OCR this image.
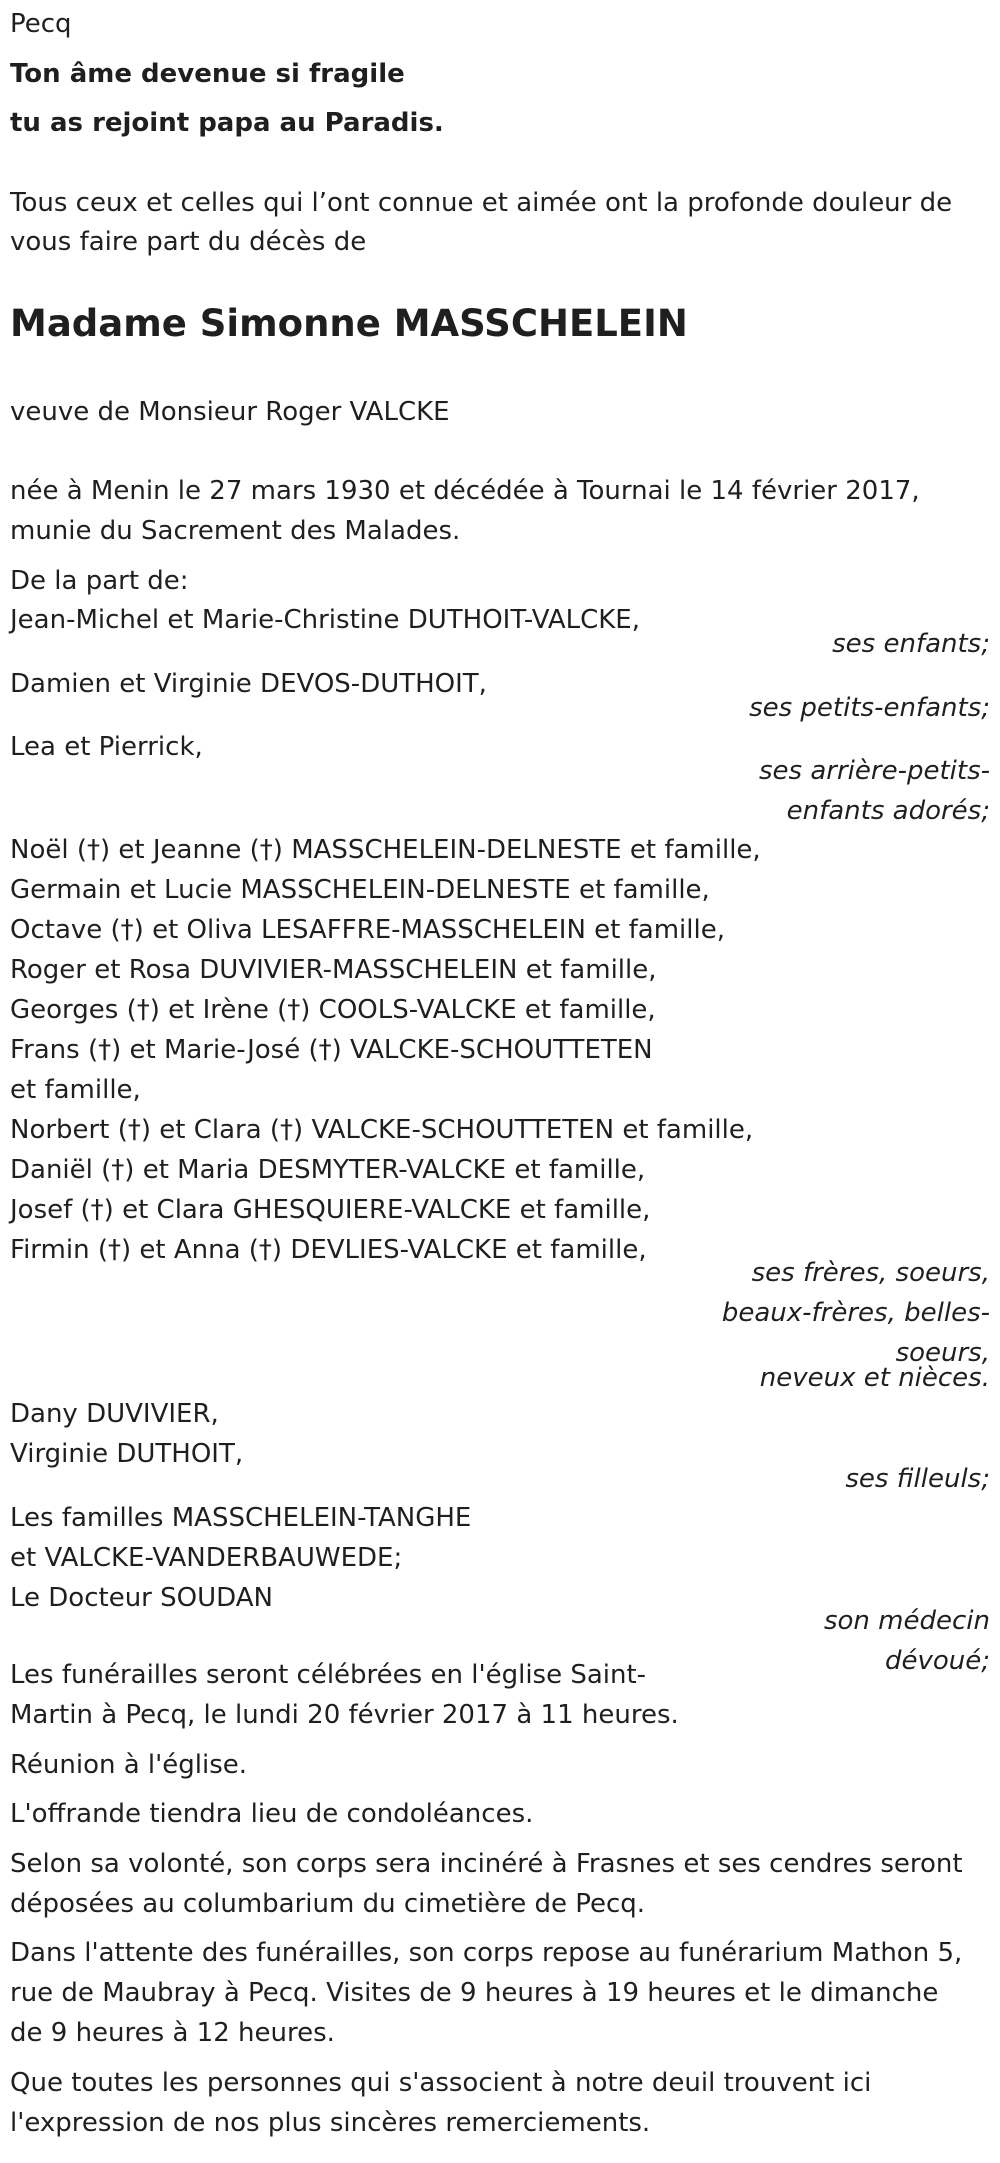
Pecq
Ton âme devenue si fragile
tu as rejoint papa au Paradis.
Tous ceux et celles qui l’ont connue et aimée ont la profonde douleur de
vous faire part du décès de
Madame Simonne MASSCHELEIN
veuve de Monsieur Roger VALCKE
née à Menin le 27 mars 1930 et décédée à Tournai le 14 février 2017,
munie du Sacrement des Malades.
De la part de:
Jean-Michel et Marie-Christine DUTHOIT-VALCKE,
ses enfants;
Damien et Virginie DEVOS-DUTHOIT,
ses petits-enfants;
Lea et Pierrick,
ses arrière-petits-
enfants adorés;
Noël (†) et Jeanne (†) MASSCHELEIN-DELNESTE et famille,
Germain et Lucie MASSCHELEIN-DELNESTE et famille,
Octave (†) et Oliva LESAFFRE-MASSCHELEIN et famille,
Roger et Rosa DUVIVIER-MASSCHELEIN et famille,
Georges (†) et Irène (†) COOLS-VALCKE et famille,
Frans (†) et Marie-José (†) VALCKE-SCHOUTTETEN
et famille,
Norbert (†) et Clara (†) VALCKE-SCHOUTTETEN et famille,
Daniël (†) et Maria DESMYTER-VALCKE et famille,
Josef (†) et Clara GHESQUIERE-VALCKE et famille,
Firmin (†) et Anna (†) DEVLIES-VALCKE et famille,
ses frères, soeurs,
beaux-frères, belles-
soeurs,
neveux et nièces.
Dany DUVIVIER,
Virginie DUTHOIT,
ses filleuls;
Les familles MASSCHELEIN-TANGHE
et VALCKE-VANDERBAUWEDE;
Le Docteur SOUDAN
son médecin
dévoué;
Les funérailles seront célébrées en l'église Saint-
Martin à Pecq, le lundi 20 février 2017 à 11 heures.
Réunion à l'église.
L'offrande tiendra lieu de condoléances.
Selon sa volonté, son corps sera incinéré à Frasnes et ses cendres seront
déposées au columbarium du cimetière de Pecq.
Dans l'attente des funérailles, son corps repose au funérarium Mathon 5,
rue de Maubray à Pecq. Visites de 9 heures à 19 heures et le dimanche
de 9 heures à 12 heures.
Que toutes les personnes qui s'associent à notre deuil trouvent ici
l'expression de nos plus sincères remerciements.
